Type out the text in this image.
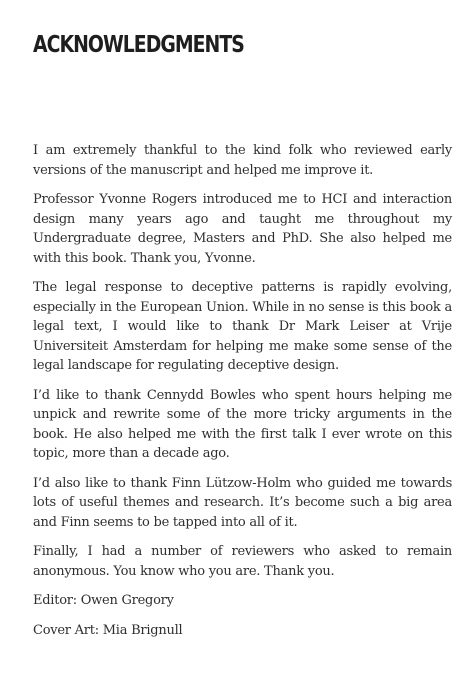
ACKNOWLEDGMENTS

I am extremely thankful to the kind folk who reviewed early versions of the manuscript and helped me improve it.

Professor Yvonne Rogers introduced me to HCI and interaction design many years ago and taught me throughout my Undergraduate degree, Masters and PhD. She also helped me with this book. Thank you, Yvonne.

The legal response to deceptive patterns is rapidly evolving, especially in the European Union. While in no sense is this book a legal text, I would like to thank Dr Mark Leiser at Vrije Universiteit Amsterdam for helping me make some sense of the legal landscape for regulating deceptive design.

I’d like to thank Cennydd Bowles who spent hours helping me unpick and rewrite some of the more tricky arguments in the book. He also helped me with the first talk I ever wrote on this topic, more than a decade ago.

I’d also like to thank Finn Lützow-Holm who guided me towards lots of useful themes and research. It’s become such a big area and Finn seems to be tapped into all of it.

Finally, I had a number of reviewers who asked to remain anonymous. You know who you are. Thank you.

Editor: Owen Gregory

Cover Art: Mia Brignull
